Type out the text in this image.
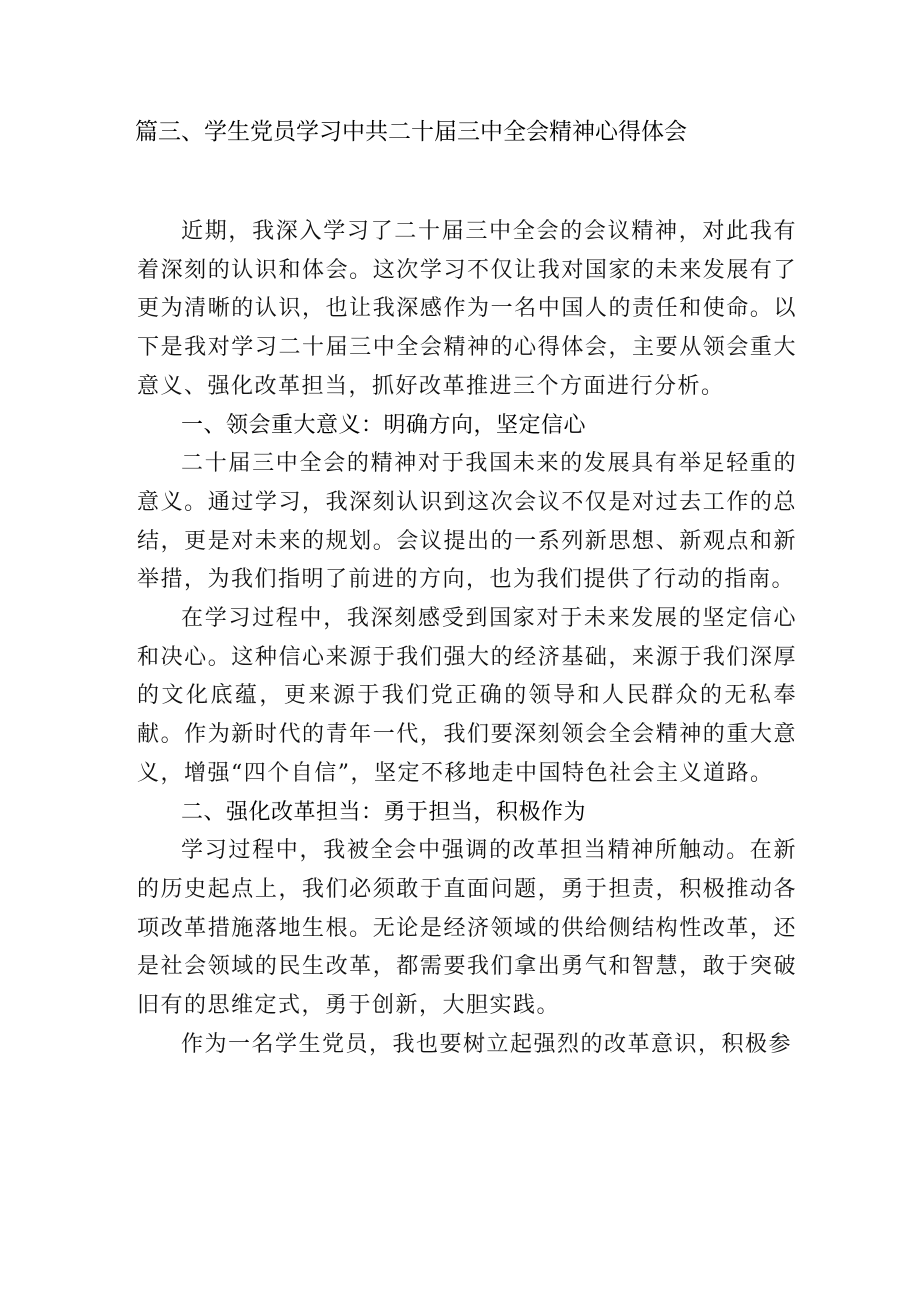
篇三、学生党员学习中共二十届三中全会精神心得体会

近期，我深入学习了二十届三中全会的会议精神，对此我有着深刻的认识和体会。这次学习不仅让我对国家的未来发展有了更为清晰的认识，也让我深感作为一名中国人的责任和使命。以下是我对学习二十届三中全会精神的心得体会，主要从领会重大意义、强化改革担当，抓好改革推进三个方面进行分析。

一、领会重大意义：明确方向，坚定信心

二十届三中全会的精神对于我国未来的发展具有举足轻重的意义。通过学习，我深刻认识到这次会议不仅是对过去工作的总结，更是对未来的规划。会议提出的一系列新思想、新观点和新举措，为我们指明了前进的方向，也为我们提供了行动的指南。

在学习过程中，我深刻感受到国家对于未来发展的坚定信心和决心。这种信心来源于我们强大的经济基础，来源于我们深厚的文化底蕴，更来源于我们党正确的领导和人民群众的无私奉献。作为新时代的青年一代，我们要深刻领会全会精神的重大意义，增强“四个自信”，坚定不移地走中国特色社会主义道路。

二、强化改革担当：勇于担当，积极作为

学习过程中，我被全会中强调的改革担当精神所触动。在新的历史起点上，我们必须敢于直面问题，勇于担责，积极推动各项改革措施落地生根。无论是经济领域的供给侧结构性改革，还是社会领域的民生改革，都需要我们拿出勇气和智慧，敢于突破旧有的思维定式，勇于创新，大胆实践。

作为一名学生党员，我也要树立起强烈的改革意识，积极参
